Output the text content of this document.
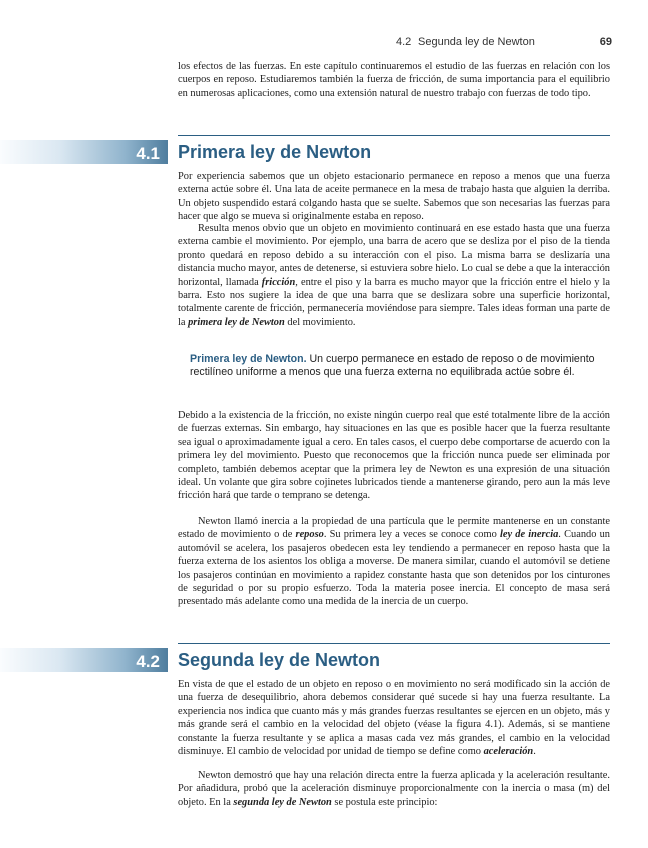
4.2 Segunda ley de Newton	69

los efectos de las fuerzas. En este capítulo continuaremos el estudio de las fuerzas en relación con los cuerpos en reposo. Estudiaremos también la fuerza de fricción, de suma importancia para el equilibrio en numerosas aplicaciones, como una extensión natural de nuestro trabajo con fuerzas de todo tipo.

4.1 Primera ley de Newton

Por experiencia sabemos que un objeto estacionario permanece en reposo a menos que una fuerza externa actúe sobre él. Una lata de aceite permanece en la mesa de trabajo hasta que alguien la derriba. Un objeto suspendido estará colgando hasta que se suelte. Sabemos que son necesarias las fuerzas para hacer que algo se mueva si originalmente estaba en reposo.

Resulta menos obvio que un objeto en movimiento continuará en ese estado hasta que una fuerza externa cambie el movimiento. Por ejemplo, una barra de acero que se desliza por el piso de la tienda pronto quedará en reposo debido a su interacción con el piso. La misma barra se deslizaría una distancia mucho mayor, antes de detenerse, si estuviera sobre hielo. Lo cual se debe a que la interacción horizontal, llamada fricción, entre el piso y la barra es mucho mayor que la fricción entre el hielo y la barra. Esto nos sugiere la idea de que una barra que se deslizara sobre una superficie horizontal, totalmente carente de fricción, permanecería moviéndose para siempre. Tales ideas forman una parte de la primera ley de Newton del movimiento.

Primera ley de Newton. Un cuerpo permanece en estado de reposo o de movimiento rectilíneo uniforme a menos que una fuerza externa no equilibrada actúe sobre él.

Debido a la existencia de la fricción, no existe ningún cuerpo real que esté totalmente libre de la acción de fuerzas externas. Sin embargo, hay situaciones en las que es posible hacer que la fuerza resultante sea igual o aproximadamente igual a cero. En tales casos, el cuerpo debe comportarse de acuerdo con la primera ley del movimiento. Puesto que reconocemos que la fricción nunca puede ser eliminada por completo, también debemos aceptar que la primera ley de Newton es una expresión de una situación ideal. Un volante que gira sobre cojinetes lubricados tiende a mantenerse girando, pero aun la más leve fricción hará que tarde o temprano se detenga.

Newton llamó inercia a la propiedad de una partícula que le permite mantenerse en un constante estado de movimiento o de reposo. Su primera ley a veces se conoce como ley de inercia. Cuando un automóvil se acelera, los pasajeros obedecen esta ley tendiendo a permanecer en reposo hasta que la fuerza externa de los asientos los obliga a moverse. De manera similar, cuando el automóvil se detiene los pasajeros continúan en movimiento a rapidez constante hasta que son detenidos por los cinturones de seguridad o por su propio esfuerzo. Toda la materia posee inercia. El concepto de masa será presentado más adelante como una medida de la inercia de un cuerpo.

4.2 Segunda ley de Newton

En vista de que el estado de un objeto en reposo o en movimiento no será modificado sin la acción de una fuerza de desequilibrio, ahora debemos considerar qué sucede si hay una fuerza resultante. La experiencia nos indica que cuanto más y más grandes fuerzas resultantes se ejercen en un objeto, más y más grande será el cambio en la velocidad del objeto (véase la figura 4.1). Además, si se mantiene constante la fuerza resultante y se aplica a masas cada vez más grandes, el cambio en la velocidad disminuye. El cambio de velocidad por unidad de tiempo se define como aceleración.

Newton demostró que hay una relación directa entre la fuerza aplicada y la aceleración resultante. Por añadidura, probó que la aceleración disminuye proporcionalmente con la inercia o masa (m) del objeto. En la segunda ley de Newton se postula este principio:
